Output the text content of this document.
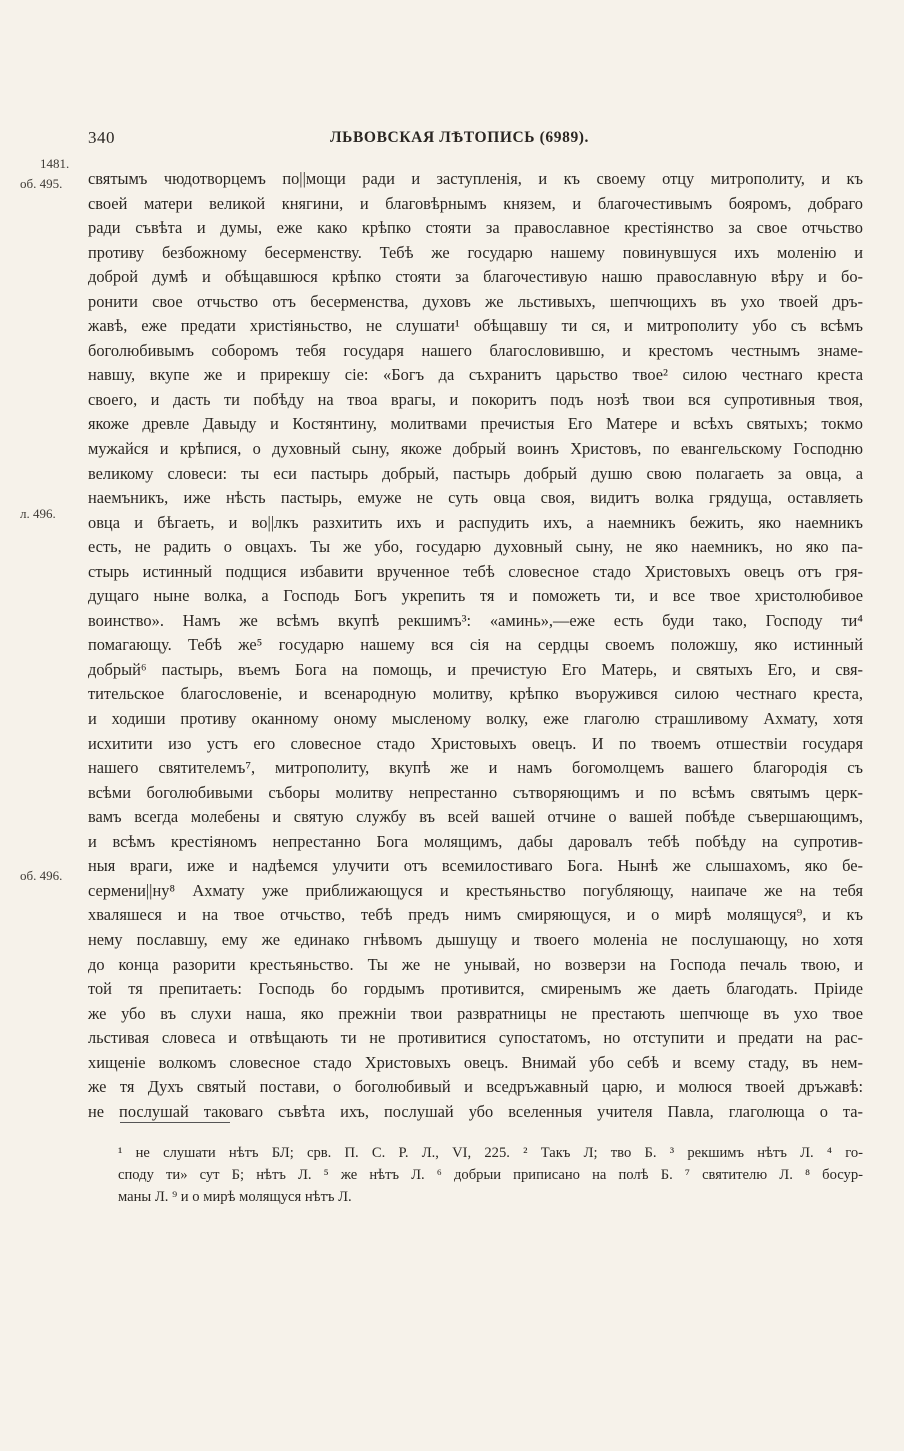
340	ЛЬВОВСКАЯ ЛѢТОПИСЬ (6989).
1481.
об. 495.
л. 496.
об. 496.
святымъ чюдотворцемъ по||мощи ради и заступленія, и къ своему отцу митрополиту, и къ
своей матери великой княгини, и благовѣрнымъ князем, и благочестивымъ бояромъ, добраго
ради съвѣта и думы, еже како крѣпко стояти за православное крестіянство за свое отчьство
противу безбожному бесерменству. Тебѣ же государю нашему повинувшуся ихъ моленію и
доброй думѣ и обѣщавшюся крѣпко стояти за благочестивую нашю православную вѣру и бо-
ронити свое отчьство отъ бесерменства, духовъ же льстивыхъ, шепчющихъ въ ухо твоей дръ-
жавѣ, еже предати христіяньство, не слушати¹ обѣщавшу ти ся, и митрополиту убо съ всѣмъ
боголюбивымъ соборомъ тебя государя нашего благословившю, и крестомъ честнымъ знаме-
навшу, вкупе же и прирекшу сіе: «Богъ да съхранитъ царьство твое² силою честнаго креста
своего, и дасть ти побѣду на твоа врагы, и покоритъ подъ нозѣ твои вся супротивныя твоя,
якоже древле Давыду и Костянтину, молитвами пречистыя Его Матере и всѣхъ святыхъ; токмо
мужайся и крѣпися, о духовный сыну, якоже добрый воинъ Христовъ, по евангельскому Господню
великому словеси: ты еси пастырь добрый, пастырь добрый душю свою полагаеть за овца, а
наемъникъ, иже нѣсть пастырь, емуже не суть овца своя, видитъ волка грядуща, оставляеть
овца и бѣгаеть, и во||лкъ разхитить ихъ и распудить ихъ, а наемникъ бежить, яко наемникъ
есть, не радить о овцахъ. Ты же убо, государю духовный сыну, не яко наемникъ, но яко па-
стырь истинный подщися избавити врученное тебѣ словесное стадо Христовыхъ овецъ отъ гря-
дущаго ныне волка, а Господь Богъ укрепить тя и поможеть ти, и все твое христолюбивое
воинство». Намъ же всѣмъ вкупѣ рекшимъ³: «аминь»,—еже есть буди тако, Господу ти⁴
помагающу. Тебѣ же⁵ государю нашему вся сія на сердцы своемъ положшу, яко истинный
добрый⁶ пастырь, въемъ Бога на помощь, и пречистую Его Матерь, и святыхъ Его, и свя-
тительское благословеніе, и всенародную молитву, крѣпко въоружився силою честнаго креста,
и ходиши противу оканному оному мысленому волку, еже глаголю страшливому Ахмату, хотя
исхитити изо устъ его словесное стадо Христовыхъ овецъ. И по твоемъ отшествіи государя
нашего святителемъ⁷, митрополиту, вкупѣ же и намъ богомолцемъ вашего благородія съ
всѣми боголюбивыми съборы молитву непрестанно сътворяющимъ и по всѣмъ святымъ церк-
вамъ всегда молебены и святую службу въ всей вашей отчине о вашей побѣде съвершающимъ,
и всѣмъ крестіяномъ непрестанно Бога молящимъ, дабы даровалъ тебѣ побѣду на супротив-
ныя враги, иже и надѣемся улучити отъ всемилостиваго Бога. Нынѣ же слышахомъ, яко бе-
сермени||ну⁸ Ахмату уже приближающуся и крестьяньство погубляющу, наипаче же на тебя
хваляшеся и на твое отчьство, тебѣ предъ нимъ смиряющуся, и о мирѣ молящуся⁹, и къ
нему пославшу, ему же единако гнѣвомъ дышущу и твоего моленіа не послушающу, но хотя
до конца разорити крестьяньство. Ты же не унывай, но возверзи на Господа печаль твою, и
той тя препитаеть: Господь бо гордымъ противится, смиренымъ же даеть благодать. Пріиде
же убо въ слухи наша, яко прежніи твои развратницы не престають шепчюще въ ухо твое
льстивая словеса и отвѣщають ти не противитися супостатомъ, но отступити и предати на рас-
хищеніе волкомъ словесное стадо Христовыхъ овецъ. Внимай убо себѣ и всему стаду, въ нем-
же тя Духъ святый постави, о боголюбивый и вседръжавный царю, и молюся твоей дръжавѣ:
не послушай таковаго съвѣта ихъ, послушай убо вселенныя учителя Павла, глаголюща о та-
¹ не слушати нѣтъ БЛ; срв. П. С. Р. Л., VI, 225. ² Такъ Л; тво Б. ³ рекшимъ нѣтъ Л. ⁴ го-
споду ти» сут Б; нѣтъ Л. ⁵ же нѣтъ Л. ⁶ добрыи приписано на полѣ Б. ⁷ святителю Л. ⁸ босур-
маны Л. ⁹ и о мирѣ молящуся нѣтъ Л.
